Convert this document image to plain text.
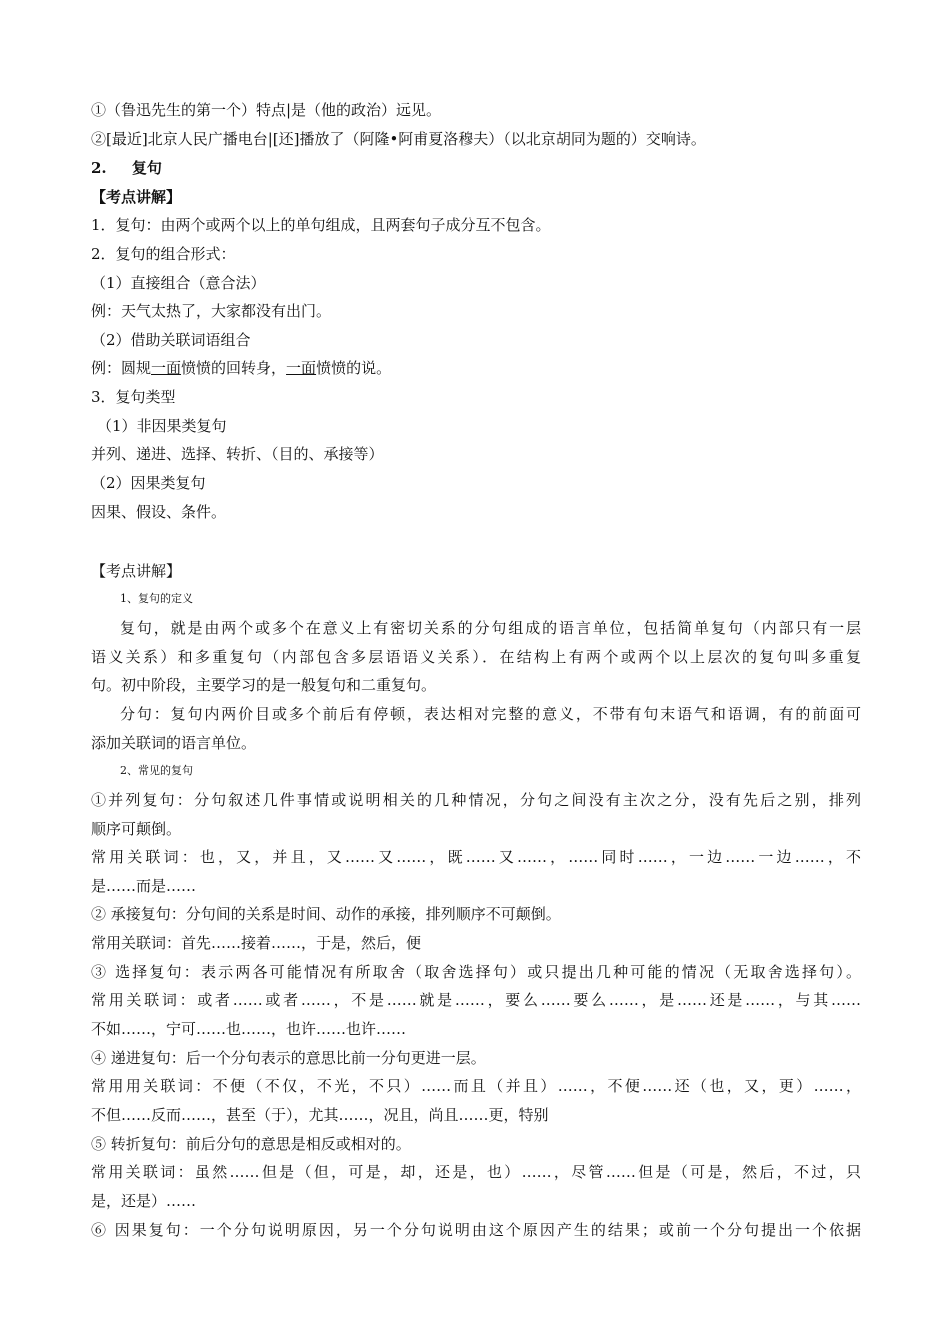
①（鲁迅先生的第一个）特点|是（他的政治）远见。
②[最近]北京人民广播电台|[还]播放了（阿隆•阿甫夏洛穆夫）（以北京胡同为题的）交响诗。
2. 复句
【考点讲解】
1．复句：由两个或两个以上的单句组成，且两套句子成分互不包含。
2．复句的组合形式：
（1）直接组合（意合法）
例：天气太热了，大家都没有出门。
（2）借助关联词语组合
例：圆规一面愤愤的回转身，一面愤愤的说。
3．复句类型
（1）非因果类复句
并列、递进、选择、转折、（目的、承接等）
（2）因果类复句
因果、假设、条件。
【考点讲解】
1、复句的定义
复句，就是由两个或多个在意义上有密切关系的分句组成的语言单位，包括简单复句（内部只有一层
语义关系）和多重复句（内部包含多层语语义关系）．在结构上有两个或两个以上层次的复句叫多重复
句。初中阶段，主要学习的是一般复句和二重复句。
分句：复句内两价目或多个前后有停顿，表达相对完整的意义，不带有句末语气和语调，有的前面可
添加关联词的语言单位。
2、常见的复句
①并列复句：分句叙述几件事情或说明相关的几种情况，分句之间没有主次之分，没有先后之别，排列
顺序可颠倒。
常用关联词：也，又，并且，又……又……，既……又……，……同时……，一边……一边……，不
是……而是……
② 承接复句：分句间的关系是时间、动作的承接，排列顺序不可颠倒。
常用关联词：首先……接着……，于是，然后，便
③ 选择复句：表示两各可能情况有所取舍（取舍选择句）或只提出几种可能的情况（无取舍选择句）。
常用关联词：或者……或者……，不是……就是……，要么……要么……，是……还是……，与其……
不如……，宁可……也……，也许……也许……
④ 递进复句：后一个分句表示的意思比前一分句更进一层。
常用用关联词：不便（不仅，不光，不只）……而且（并且）……，不便……还（也，又，更）……，
不但……反而……，甚至（于），尤其……，况且，尚且……更，特别
⑤ 转折复句：前后分句的意思是相反或相对的。
常用关联词：虽然……但是（但，可是，却，还是，也）……，尽管……但是（可是，然后，不过，只
是，还是）……
⑥ 因果复句：一个分句说明原因，另一个分句说明由这个原因产生的结果；或前一个分句提出一个依据
